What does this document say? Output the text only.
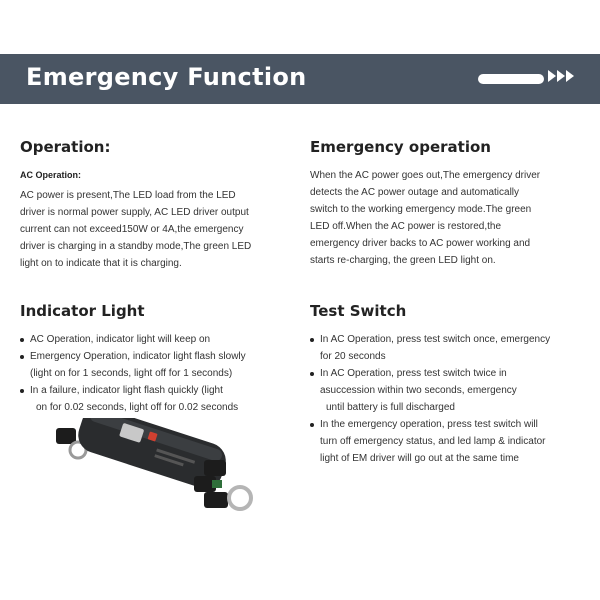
Emergency Function
Operation:
AC Operation:
AC power is present,The LED load from the LED
driver is normal power supply, AC LED driver output
current can not exceed150W or 4A,the emergency
driver is charging in a standby mode,The green LED
light on to indicate that it is charging.
Emergency operation
When the AC power goes out,The emergency driver
detects the AC power outage and automatically
switch to the working emergency mode.The green
LED off.When the AC power is restored,the
emergency driver backs to AC power working and
starts re-charging, the green LED light on.
Indicator Light
AC Operation, indicator light will keep on
Emergency Operation, indicator light flash slowly
(light on for 1 seconds, light off for 1 seconds)
In a failure, indicator light flash quickly (light
on for 0.02 seconds, light off for 0.02 seconds
Test Switch
In AC Operation, press test switch once, emergency
for 20 seconds
In AC Operation, press test switch twice in
asuccession within two seconds, emergency
until battery is full discharged
In the emergency operation, press test switch will
turn off emergency status, and led lamp & indicator
light of EM driver will go out at the same time
